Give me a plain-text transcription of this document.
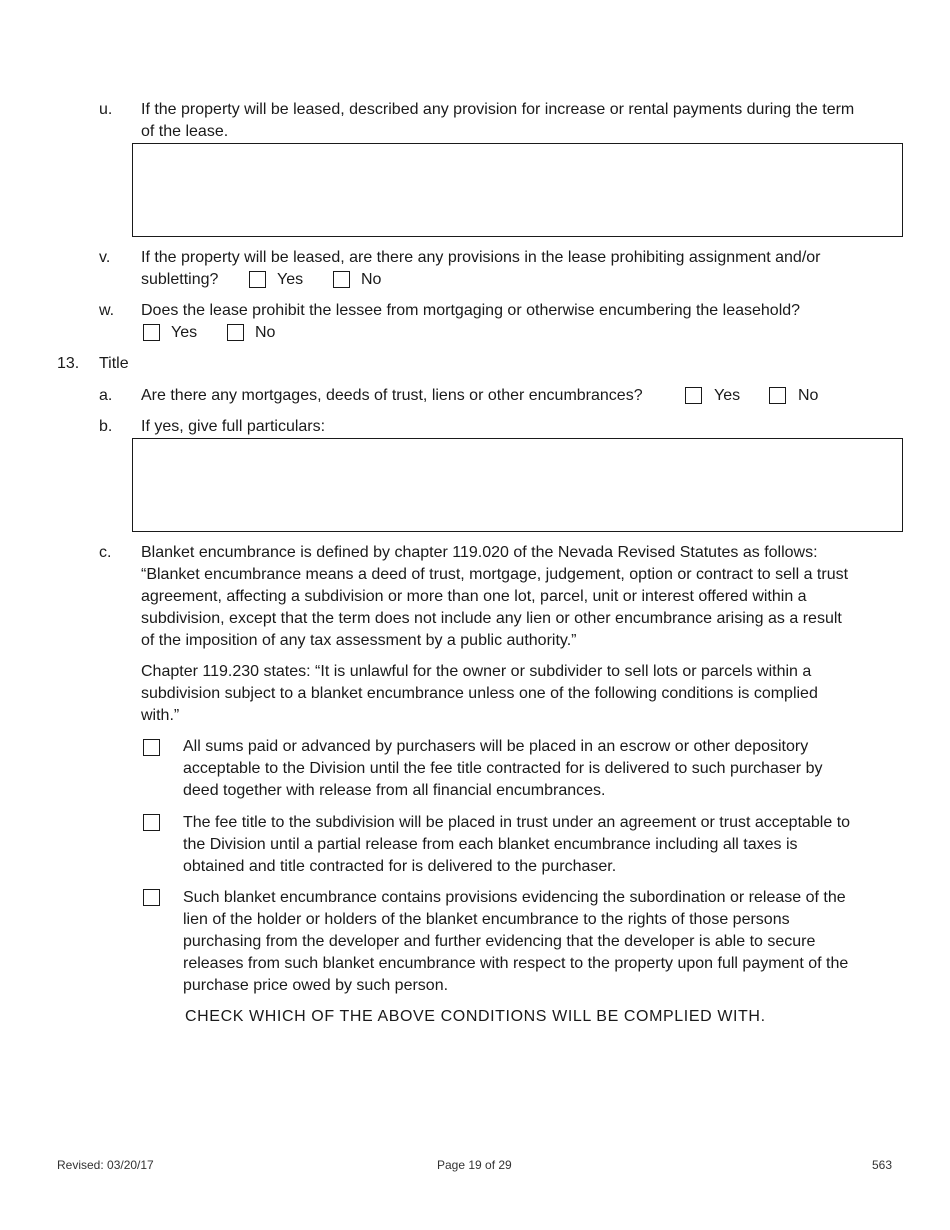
u. If the property will be leased, described any provision for increase or rental payments during the term
of the lease.
v. If the property will be leased, are there any provisions in the lease prohibiting assignment and/or
subletting?	Yes	No
w. Does the lease prohibit the lessee from mortgaging or otherwise encumbering the leasehold?
Yes	No
13. Title
a. Are there any mortgages, deeds of trust, liens or other encumbrances?	Yes	No
b. If yes, give full particulars:
c. Blanket encumbrance is defined by chapter 119.020 of the Nevada Revised Statutes as follows:
“Blanket encumbrance means a deed of trust, mortgage, judgement, option or contract to sell a trust
agreement, affecting a subdivision or more than one lot, parcel, unit or interest offered within a
subdivision, except that the term does not include any lien or other encumbrance arising as a result
of the imposition of any tax assessment by a public authority.”
Chapter 119.230 states: “It is unlawful for the owner or subdivider to sell lots or parcels within a
subdivision subject to a blanket encumbrance unless one of the following conditions is complied
with.”
All sums paid or advanced by purchasers will be placed in an escrow or other depository
acceptable to the Division until the fee title contracted for is delivered to such purchaser by
deed together with release from all financial encumbrances.
The fee title to the subdivision will be placed in trust under an agreement or trust acceptable to
the Division until a partial release from each blanket encumbrance including all taxes is
obtained and title contracted for is delivered to the purchaser.
Such blanket encumbrance contains provisions evidencing the subordination or release of the
lien of the holder or holders of the blanket encumbrance to the rights of those persons
purchasing from the developer and further evidencing that the developer is able to secure
releases from such blanket encumbrance with respect to the property upon full payment of the
purchase price owed by such person.
CHECK WHICH OF THE ABOVE CONDITIONS WILL BE COMPLIED WITH.
Revised: 03/20/17	Page 19 of 29	563
